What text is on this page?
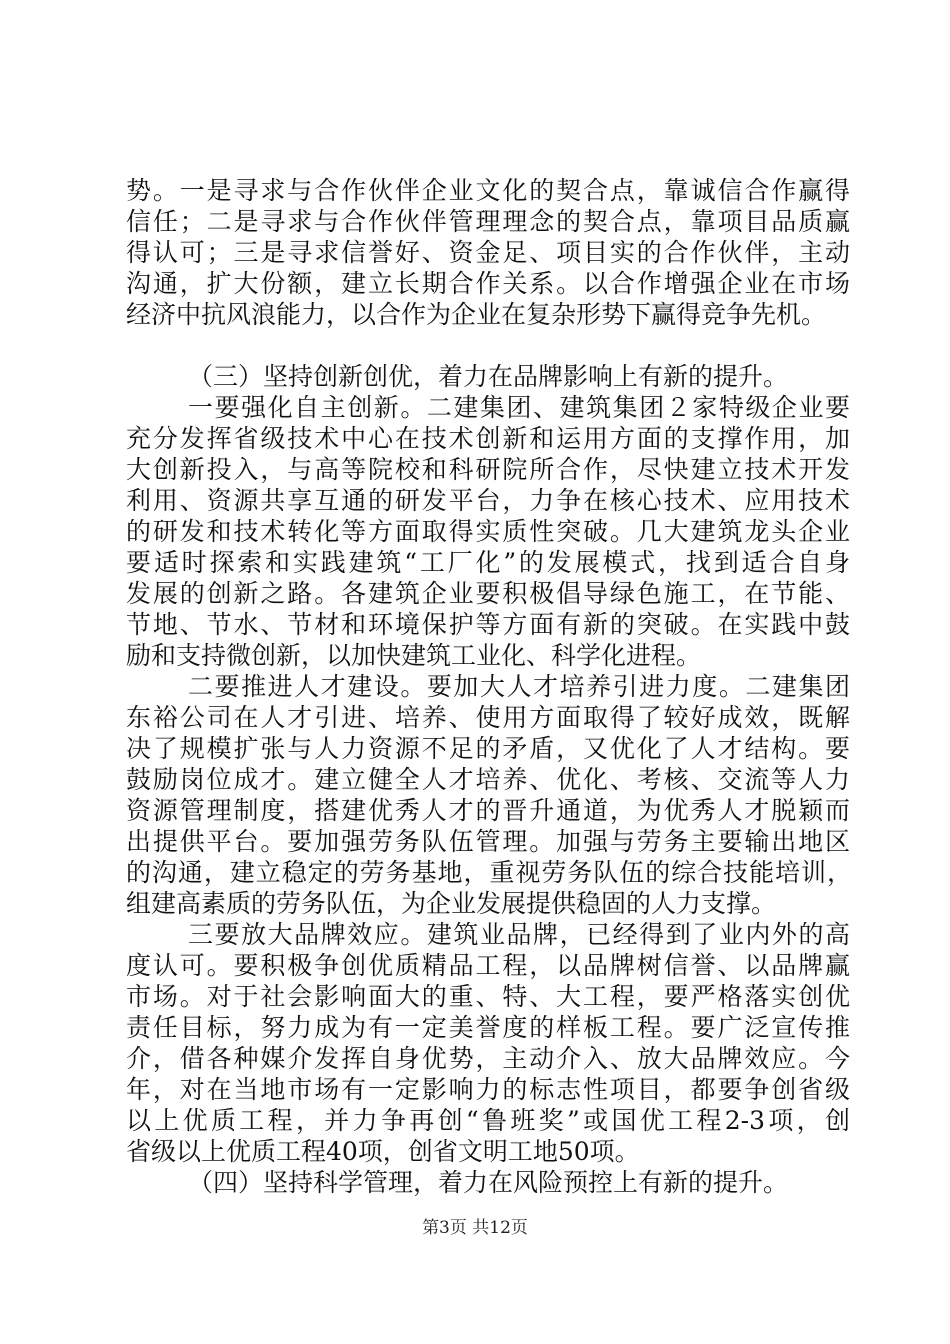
势。一是寻求与合作伙伴企业文化的契合点，靠诚信合作赢得
信任；二是寻求与合作伙伴管理理念的契合点，靠项目品质赢
得认可；三是寻求信誉好、资金足、项目实的合作伙伴，主动
沟通，扩大份额，建立长期合作关系。以合作增强企业在市场
经济中抗风浪能力，以合作为企业在复杂形势下赢得竞争先机。
（三）坚持创新创优，着力在品牌影响上有新的提升。
一要强化自主创新。二建集团、建筑集团２家特级企业要
充分发挥省级技术中心在技术创新和运用方面的支撑作用，加
大创新投入，与高等院校和科研院所合作，尽快建立技术开发
利用、资源共享互通的研发平台，力争在核心技术、应用技术
的研发和技术转化等方面取得实质性突破。几大建筑龙头企业
要适时探索和实践建筑“工厂化”的发展模式，找到适合自身
发展的创新之路。各建筑企业要积极倡导绿色施工，在节能、
节地、节水、节材和环境保护等方面有新的突破。在实践中鼓
励和支持微创新，以加快建筑工业化、科学化进程。
二要推进人才建设。要加大人才培养引进力度。二建集团
东裕公司在人才引进、培养、使用方面取得了较好成效，既解
决了规模扩张与人力资源不足的矛盾，又优化了人才结构。要
鼓励岗位成才。建立健全人才培养、优化、考核、交流等人力
资源管理制度，搭建优秀人才的晋升通道，为优秀人才脱颖而
出提供平台。要加强劳务队伍管理。加强与劳务主要输出地区
的沟通，建立稳定的劳务基地，重视劳务队伍的综合技能培训，
组建高素质的劳务队伍，为企业发展提供稳固的人力支撑。
三要放大品牌效应。建筑业品牌，已经得到了业内外的高
度认可。要积极争创优质精品工程，以品牌树信誉、以品牌赢
市场。对于社会影响面大的重、特、大工程，要严格落实创优
责任目标，努力成为有一定美誉度的样板工程。要广泛宣传推
介，借各种媒介发挥自身优势，主动介入、放大品牌效应。今
年，对在当地市场有一定影响力的标志性项目，都要争创省级
以上优质工程，并力争再创“鲁班奖”或国优工程2-3项，创
省级以上优质工程40项，创省文明工地50项。
（四）坚持科学管理，着力在风险预控上有新的提升。
第3页 共12页
